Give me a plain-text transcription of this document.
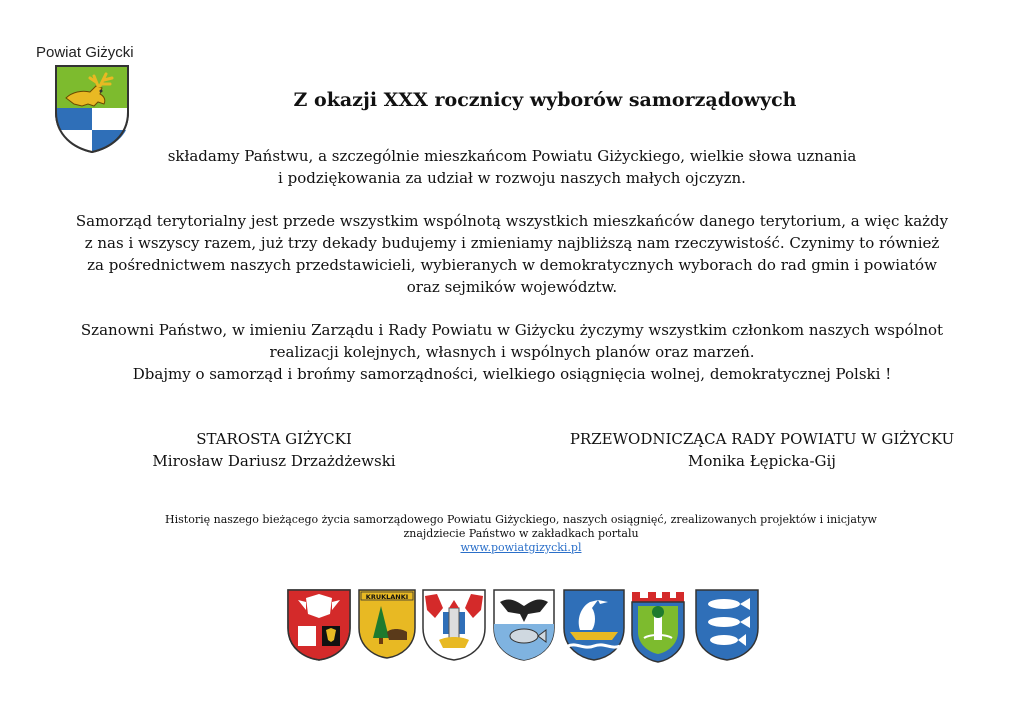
Powiat Giżycki
Z okazji XXX rocznicy wyborów samorządowych
składamy Państwu, a szczególnie mieszkańcom Powiatu Giżyckiego, wielkie słowa uznania
i podziękowania za udział w rozwoju naszych małych ojczyzn.
Samorząd terytorialny jest przede wszystkim wspólnotą wszystkich mieszkańców danego terytorium, a więc każdy
z nas i wszyscy razem, już trzy dekady budujemy i zmieniamy najbliższą nam rzeczywistość. Czynimy to również
za pośrednictwem naszych przedstawicieli, wybieranych w demokratycznych wyborach do rad gmin i powiatów
oraz sejmików województw.
Szanowni Państwo, w imieniu Zarządu i Rady Powiatu w Giżycku życzymy wszystkim członkom naszych wspólnot
realizacji kolejnych, własnych i wspólnych planów oraz marzeń.
Dbajmy o samorząd i brońmy samorządności, wielkiego osiągnięcia wolnej, demokratycznej Polski !
STAROSTA GIŻYCKI
Mirosław Dariusz Drzażdżewski
PRZEWODNICZĄCA RADY POWIATU W GIŻYCKU
Monika Łępicka-Gij
Historię naszego bieżącego życia samorządowego Powiatu Giżyckiego, naszych osiągnięć, zrealizowanych projektów i inicjatyw
znajdziecie Państwo w zakładkach portalu
www.powiatgizycki.pl
KRUKLANKI
